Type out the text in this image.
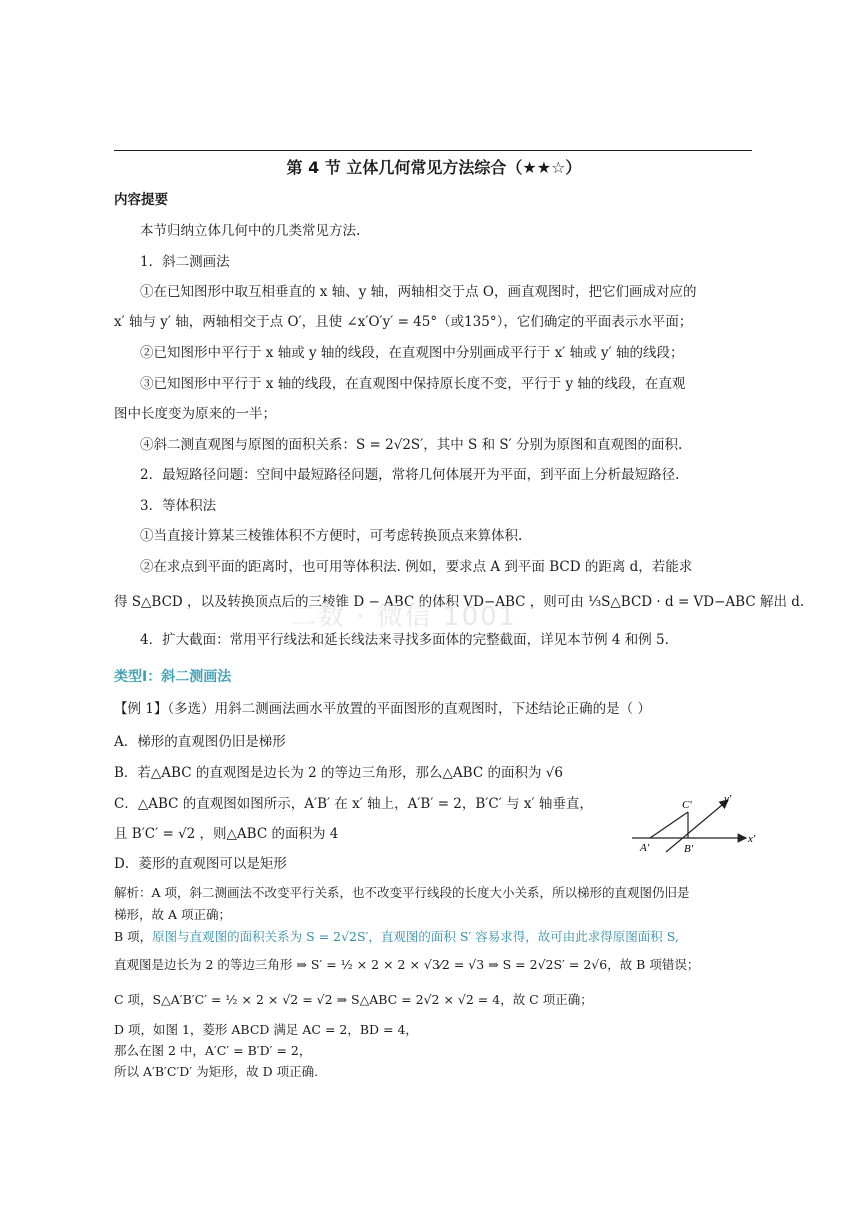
第 4 节 立体几何常见方法综合（★★☆）
内容提要
本节归纳立体几何中的几类常见方法.
1．斜二测画法
①在已知图形中取互相垂直的 x 轴、y 轴，两轴相交于点 O，画直观图时，把它们画成对应的
x′ 轴与 y′ 轴，两轴相交于点 O′，且使 ∠x′O′y′ = 45°（或135°），它们确定的平面表示水平面；
②已知图形中平行于 x 轴或 y 轴的线段，在直观图中分别画成平行于 x′ 轴或 y′ 轴的线段；
③已知图形中平行于 x 轴的线段，在直观图中保持原长度不变，平行于 y 轴的线段，在直观
图中长度变为原来的一半；
④斜二测直观图与原图的面积关系：S = 2√2S′，其中 S 和 S′ 分别为原图和直观图的面积.
2．最短路径问题：空间中最短路径问题，常将几何体展开为平面，到平面上分析最短路径.
3．等体积法
①当直接计算某三棱锥体积不方便时，可考虑转换顶点来算体积.
②在求点到平面的距离时，也可用等体积法. 例如，要求点 A 到平面 BCD 的距离 d，若能求
得 S△BCD ，以及转换顶点后的三棱锥 D − ABC 的体积 VD−ABC ，则可由 ⅓S△BCD · d = VD−ABC 解出 d.
二数 · 微信 1001
4．扩大截面：常用平行线法和延长线法来寻找多面体的完整截面，详见本节例 4 和例 5.
类型Ⅰ：斜二测画法
【例 1】（多选）用斜二测画法画水平放置的平面图形的直观图时，下述结论正确的是（ ）
A．梯形的直观图仍旧是梯形
B．若△ABC 的直观图是边长为 2 的等边三角形，那么△ABC 的面积为 √6
C．△ABC 的直观图如图所示，A′B′ 在 x′ 轴上，A′B′ = 2，B′C′ 与 x′ 轴垂直，
且 B′C′ = √2 ，则△ABC 的面积为 4
D．菱形的直观图可以是矩形
C′	y′
A′	B′
x′
解析：A 项，斜二测画法不改变平行关系，也不改变平行线段的长度大小关系，所以梯形的直观图仍旧是
梯形，故 A 项正确；
B 项，原图与直观图的面积关系为 S = 2√2S′，直观图的面积 S′ 容易求得，故可由此求得原图面积 S,
直观图是边长为 2 的等边三角形 ⇒ S′ = ½ × 2 × 2 × √3⁄2 = √3 ⇒ S = 2√2S′ = 2√6，故 B 项错误；
C 项，S△A′B′C′ = ½ × 2 × √2 = √2 ⇒ S△ABC = 2√2 × √2 = 4，故 C 项正确；
D 项，如图 1，菱形 ABCD 满足 AC = 2，BD = 4，
那么在图 2 中，A′C′ = B′D′ = 2，
所以 A′B′C′D′ 为矩形，故 D 项正确.
